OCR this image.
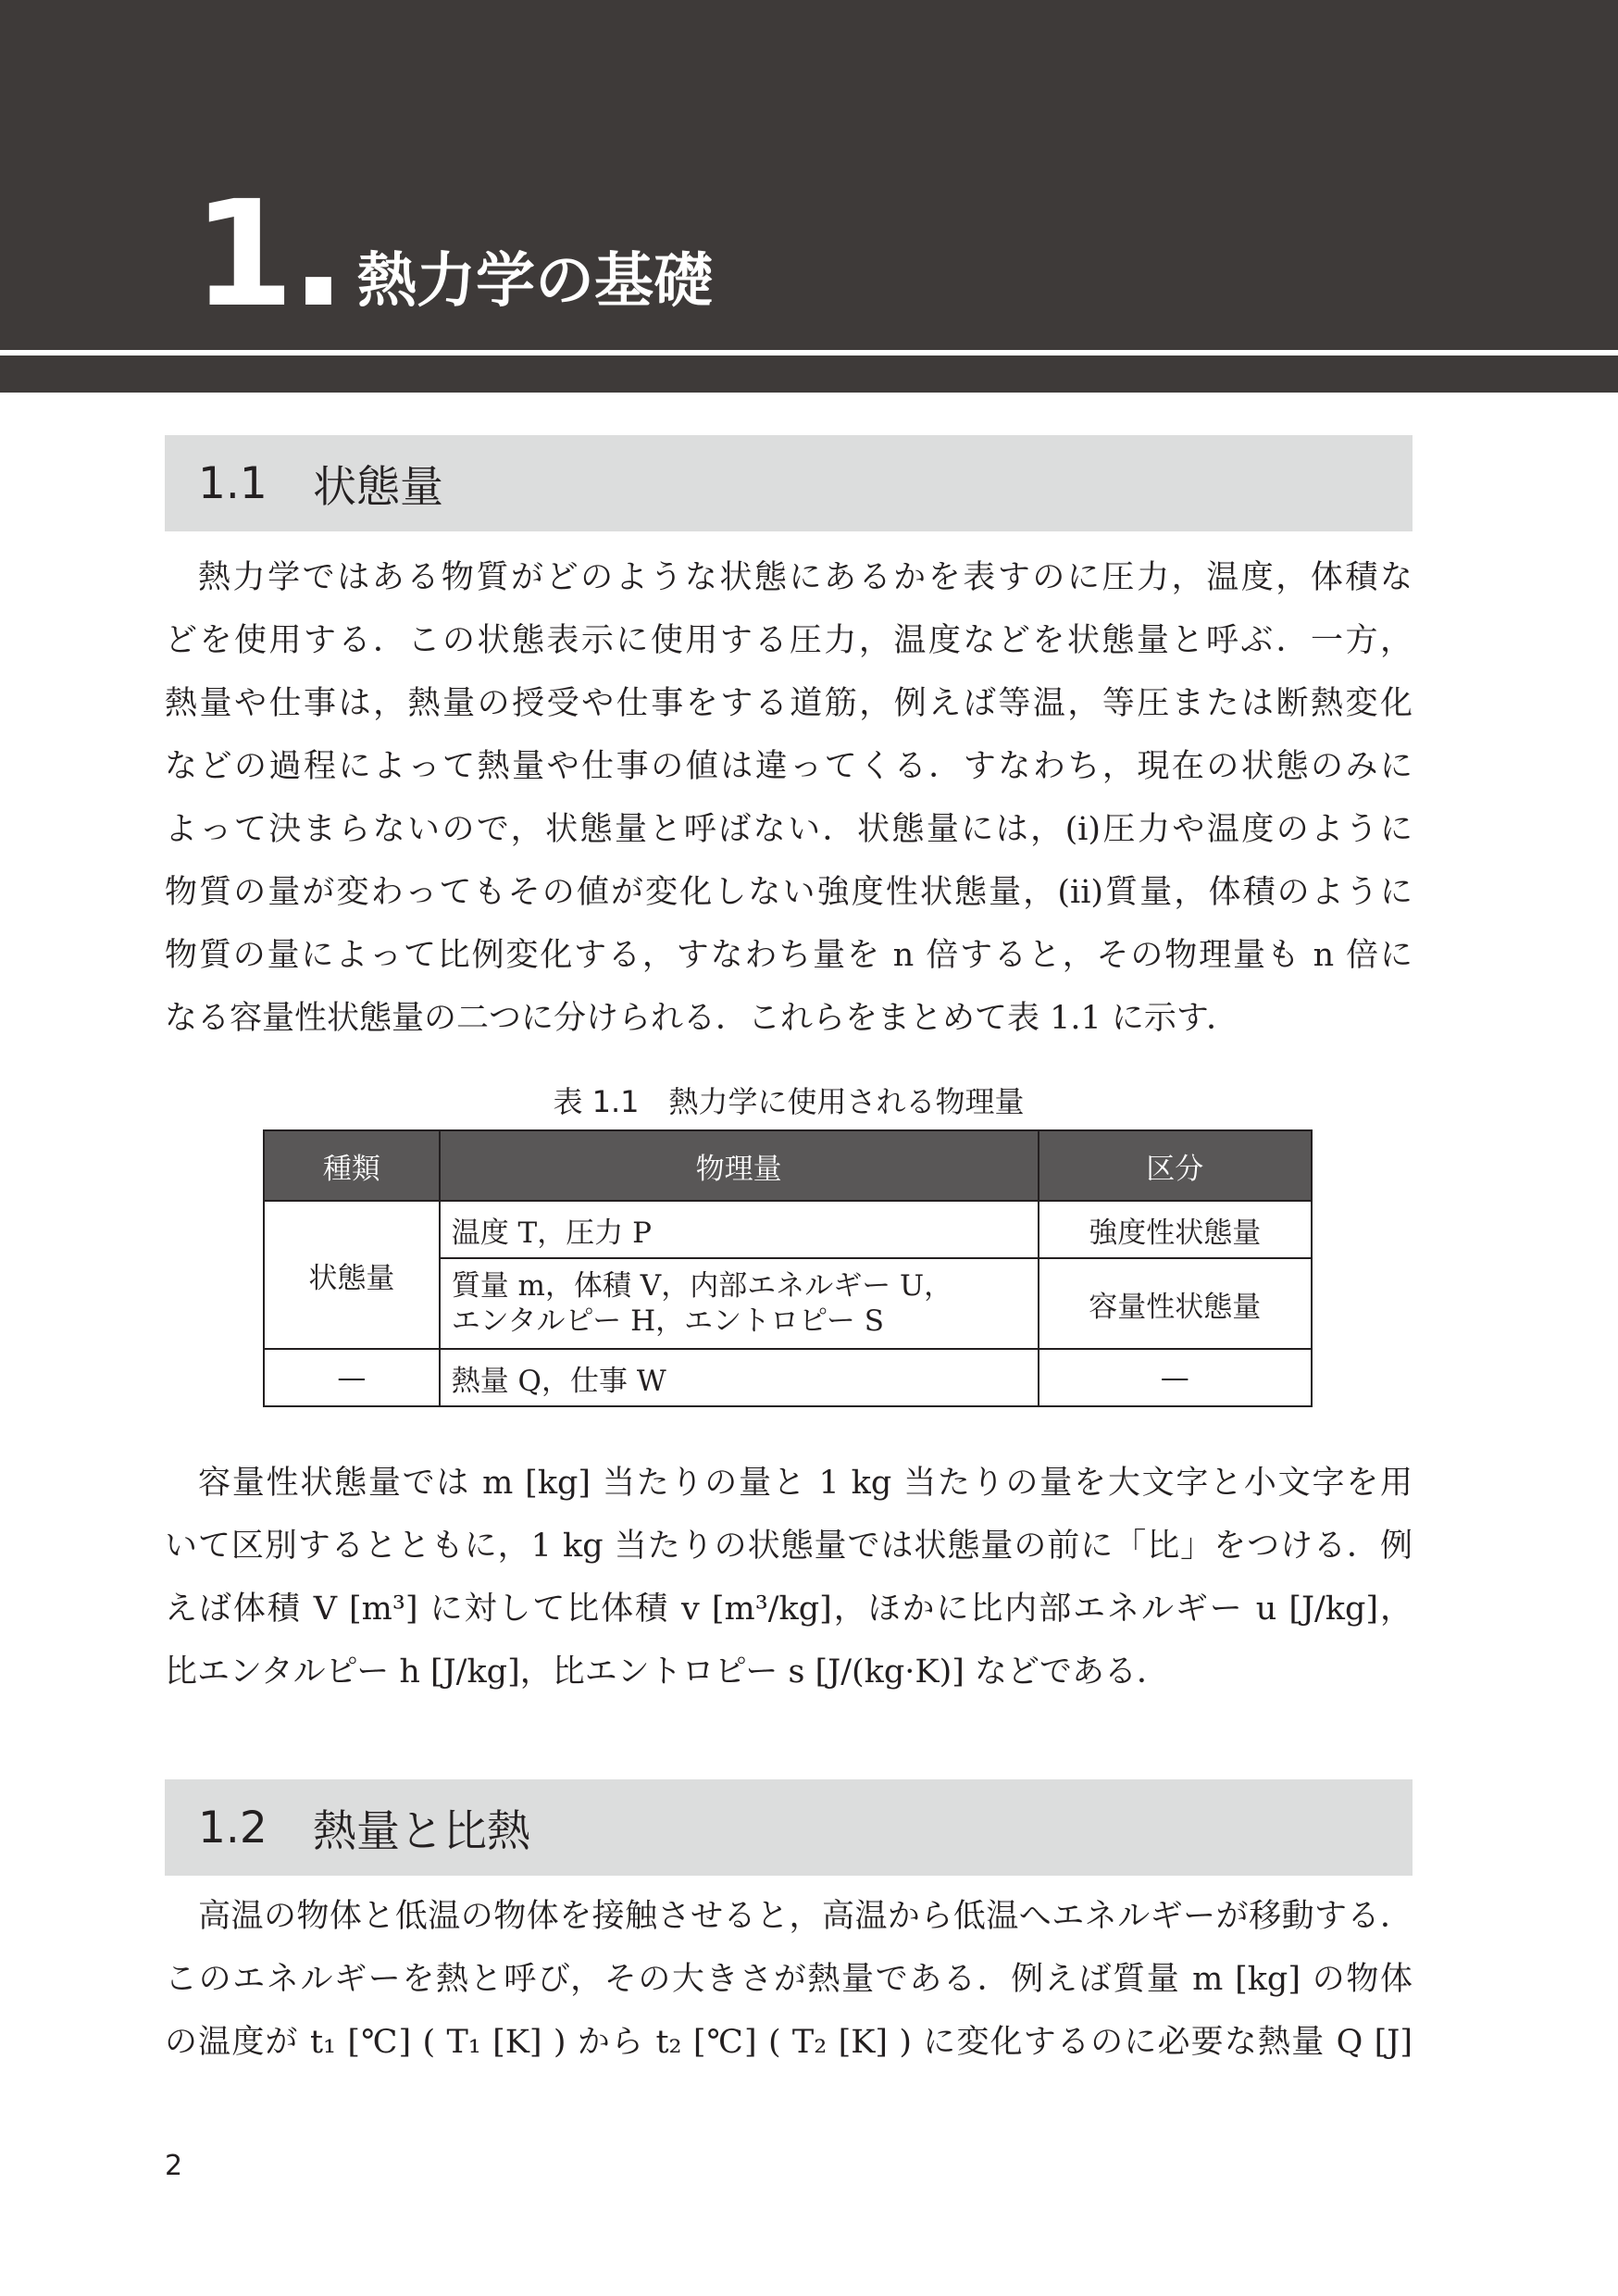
1. 熱力学の基礎
1.1	状態量
熱力学ではある物質がどのような状態にあるかを表すのに圧力，温度，体積な
どを使用する．この状態表示に使用する圧力，温度などを状態量と呼ぶ．一方，
熱量や仕事は，熱量の授受や仕事をする道筋，例えば等温，等圧または断熱変化
などの過程によって熱量や仕事の値は違ってくる．すなわち，現在の状態のみに
よって決まらないので，状態量と呼ばない．状態量には，(i)圧力や温度のように
物質の量が変わってもその値が変化しない強度性状態量，(ii)質量，体積のように
物質の量によって比例変化する，すなわち量を n 倍すると，その物理量も n 倍に
なる容量性状態量の二つに分けられる．これらをまとめて表 1.1 に示す．
表 1.1　熱力学に使用される物理量
種類	物理量	区分
状態量	温度 T，圧力 P	強度性状態量

	質量 m，体積 V，内部エネルギー U，
エンタルピー H，エントロピー S	容量性状態量
—	熱量 Q，仕事 W	—
容量性状態量では m [kg] 当たりの量と 1 kg 当たりの量を大文字と小文字を用
いて区別するとともに，1 kg 当たりの状態量では状態量の前に「比」をつける．例
えば体積 V [m³] に対して比体積 v [m³/kg]，ほかに比内部エネルギー u [J/kg]，
比エンタルピー h [J/kg]，比エントロピー s [J/(kg·K)] などである．
1.2	熱量と比熱
高温の物体と低温の物体を接触させると，高温から低温へエネルギーが移動する．
このエネルギーを熱と呼び，その大きさが熱量である．例えば質量 m [kg] の物体
の温度が t₁ [℃] ( T₁ [K] ) から t₂ [℃] ( T₂ [K] ) に変化するのに必要な熱量 Q [J]
2
